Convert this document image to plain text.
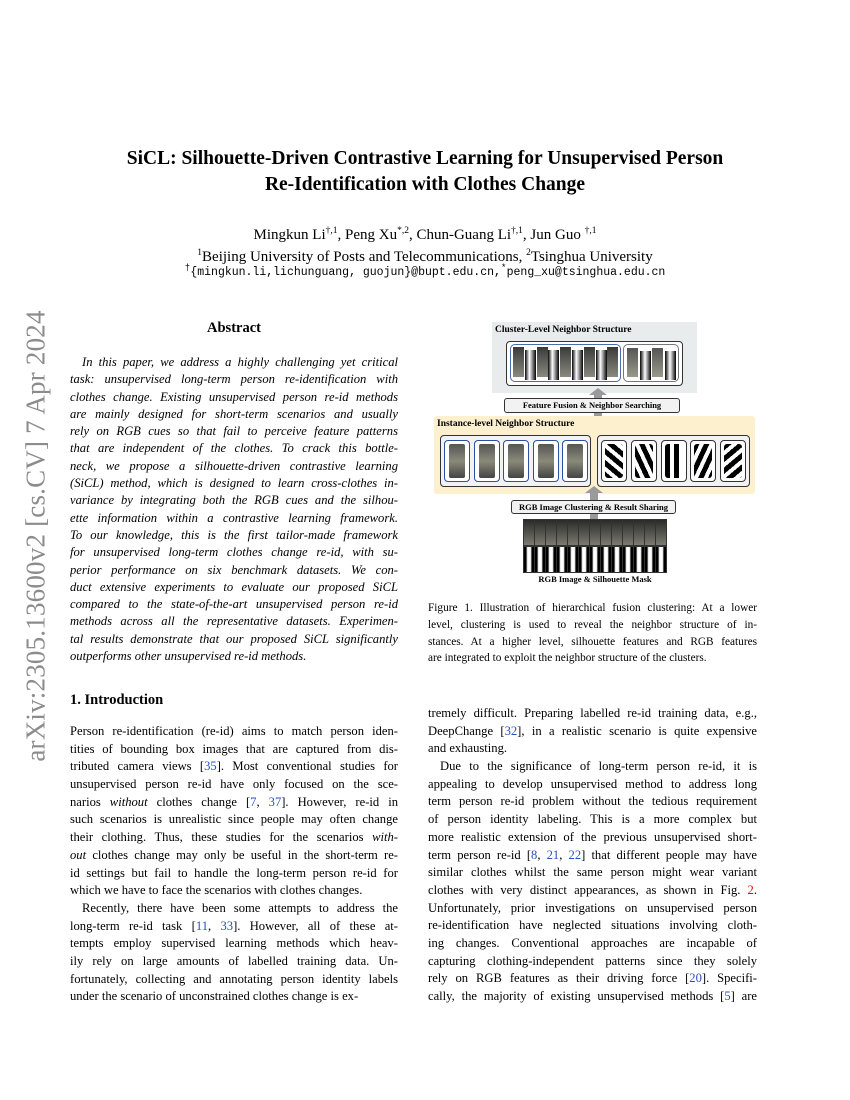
arXiv:2305.13600v2 [cs.CV] 7 Apr 2024
SiCL: Silhouette-Driven Contrastive Learning for Unsupervised Person
Re-Identification with Clothes Change
Mingkun $Li^{\dagger,1}$, Peng $Xu^{*,2}$, Chun-Guang $Li^{\dagger,1}$, Jun Guo $^{\dagger,1}$
$^1$Beijing University of Posts and Telecommunications, $^2$Tsinghua University
†{mingkun.li,lichunguang, guojun}@bupt.edu.cn,*peng_xu@tsinghua.edu.cn
Abstract
In this paper, we address a highly challenging yet critical
task: unsupervised long-term person re-identification with
clothes change. Existing unsupervised person re-id methods
are mainly designed for short-term scenarios and usually
rely on RGB cues so that fail to perceive feature patterns
that are independent of the clothes. To crack this bottle-
neck, we propose a silhouette-driven contrastive learning
(SiCL) method, which is designed to learn cross-clothes in-
variance by integrating both the RGB cues and the silhou-
ette information within a contrastive learning framework.
To our knowledge, this is the first tailor-made framework
for unsupervised long-term clothes change re-id, with su-
perior performance on six benchmark datasets. We con-
duct extensive experiments to evaluate our proposed SiCL
compared to the state-of-the-art unsupervised person re-id
methods across all the representative datasets. Experimen-
tal results demonstrate that our proposed SiCL significantly
outperforms other unsupervised re-id methods.
1. Introduction
Person re-identification (re-id) aims to match person iden-
tities of bounding box images that are captured from dis-
tributed camera views [35]. Most conventional studies for
unsupervised person re-id have only focused on the sce-
narios without clothes change [7, 37]. However, re-id in
such scenarios is unrealistic since people may often change
their clothing. Thus, these studies for the scenarios with-
out clothes change may only be useful in the short-term re-
id settings but fail to handle the long-term person re-id for
which we have to face the scenarios with clothes changes.
Recently, there have been some attempts to address the
long-term re-id task [11, 33]. However, all of these at-
tempts employ supervised learning methods which heav-
ily rely on large amounts of labelled training data. Un-
fortunately, collecting and annotating person identity labels
under the scenario of unconstrained clothes change is ex-
tremely difficult. Preparing labelled re-id training data, e.g.,
DeepChange [32], in a realistic scenario is quite expensive
and exhausting.
Due to the significance of long-term person re-id, it is
appealing to develop unsupervised method to address long
term person re-id problem without the tedious requirement
of person identity labeling. This is a more complex but
more realistic extension of the previous unsupervised short-
term person re-id [8, 21, 22] that different people may have
similar clothes whilst the same person might wear variant
clothes with very distinct appearances, as shown in Fig. 2.
Unfortunately, prior investigations on unsupervised person
re-identification have neglected situations involving cloth-
ing changes. Conventional approaches are incapable of
capturing clothing-independent patterns since they solely
rely on RGB features as their driving force [20]. Specifi-
cally, the majority of existing unsupervised methods [5] are
Cluster-Level Neighbor Structure
Feature Fusion & Neighbor Searching
Instance-level Neighbor Structure
RGB Image Clustering & Result Sharing
RGB Image & Silhouette Mask
Figure 1. Illustration of hierarchical fusion clustering: At a lower
level, clustering is used to reveal the neighbor structure of in-
stances. At a higher level, silhouette features and RGB features
are integrated to exploit the neighbor structure of the clusters.
